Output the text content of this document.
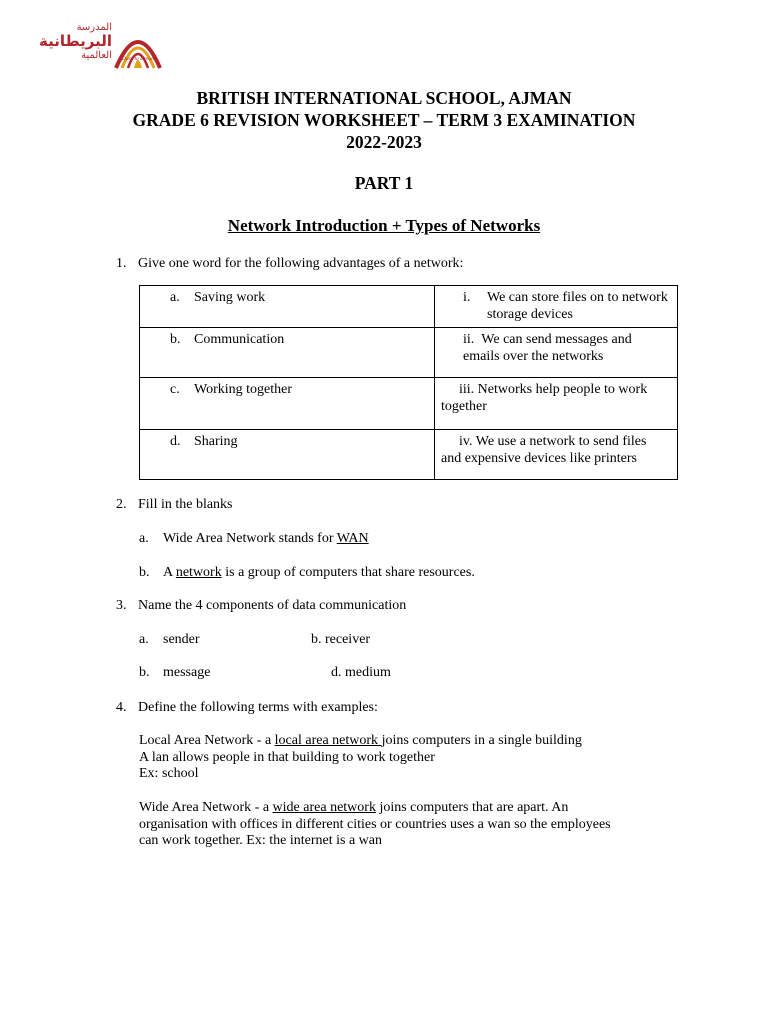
المدرسة
البريطانية
العالمية Dare to Dream
BRITISH INTERNATIONAL SCHOOL, AJMAN
GRADE 6 REVISION WORKSHEET – TERM 3 EXAMINATION
2022-2023
PART 1
Network Introduction + Types of Networks
1. Give one word for the following advantages of a network:
a. Saving work	i. We can store files on to network
storage devices
b. Communication	ii. We can send messages and
emails over the networks
c. Working together	iii. Networks help people to work
together
d. Sharing	iv. We use a network to send files
and expensive devices like printers
2. Fill in the blanks
a. Wide Area Network stands for WAN
b. A network is a group of computers that share resources.
3. Name the 4 components of data communication
a. sender	b. receiver
b. message	d. medium
4. Define the following terms with examples:
Local Area Network - a local area network joins computers in a single building
A lan allows people in that building to work together
Ex: school
Wide Area Network - a wide area network joins computers that are apart. An
organisation with offices in different cities or countries uses a wan so the employees
can work together. Ex: the internet is a wan
